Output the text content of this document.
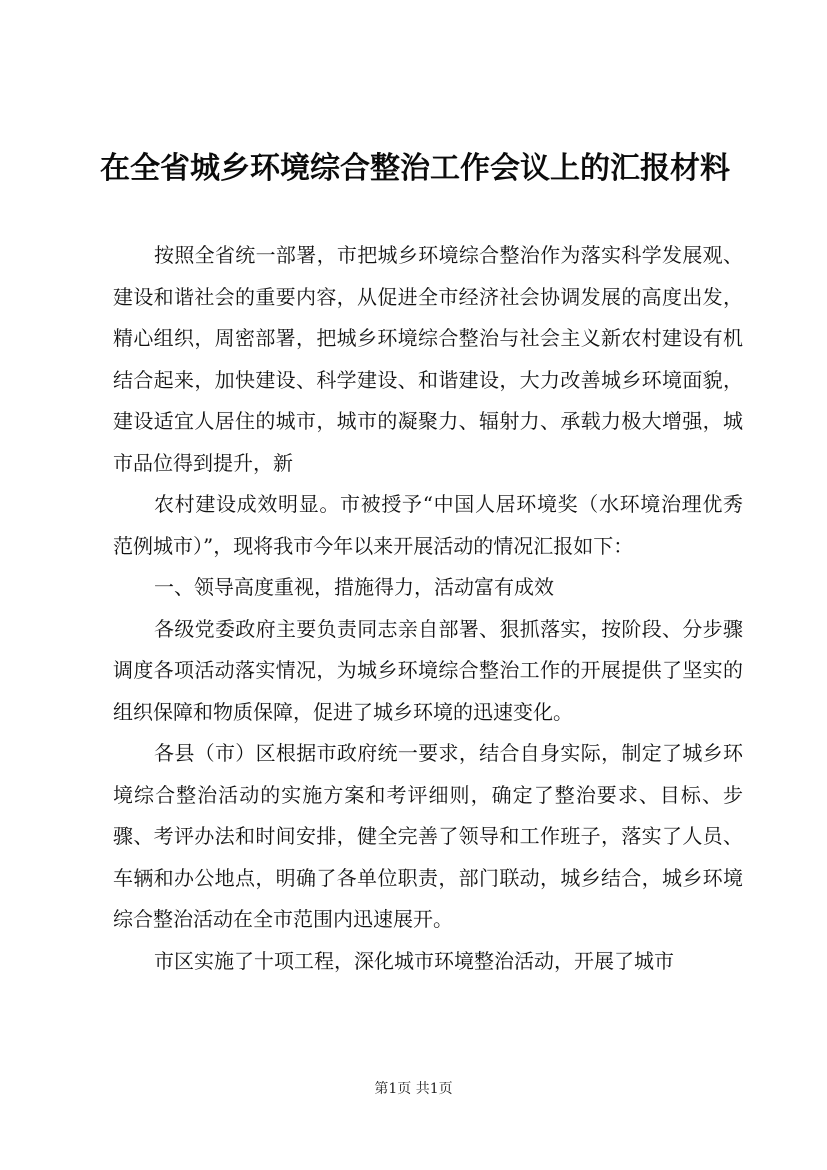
在全省城乡环境综合整治工作会议上的汇报材料

按照全省统一部署，市把城乡环境综合整治作为落实科学发展观、建设和谐社会的重要内容，从促进全市经济社会协调发展的高度出发，精心组织，周密部署，把城乡环境综合整治与社会主义新农村建设有机结合起来，加快建设、科学建设、和谐建设，大力改善城乡环境面貌，建设适宜人居住的城市，城市的凝聚力、辐射力、承载力极大增强，城市品位得到提升，新

农村建设成效明显。市被授予“中国人居环境奖（水环境治理优秀范例城市）”，现将我市今年以来开展活动的情况汇报如下：

一、领导高度重视，措施得力，活动富有成效

各级党委政府主要负责同志亲自部署、狠抓落实，按阶段、分步骤调度各项活动落实情况，为城乡环境综合整治工作的开展提供了坚实的组织保障和物质保障，促进了城乡环境的迅速变化。

各县（市）区根据市政府统一要求，结合自身实际，制定了城乡环境综合整治活动的实施方案和考评细则，确定了整治要求、目标、步骤、考评办法和时间安排，健全完善了领导和工作班子，落实了人员、车辆和办公地点，明确了各单位职责，部门联动，城乡结合，城乡环境综合整治活动在全市范围内迅速展开。

市区实施了十项工程，深化城市环境整治活动，开展了城市

第1页 共1页
